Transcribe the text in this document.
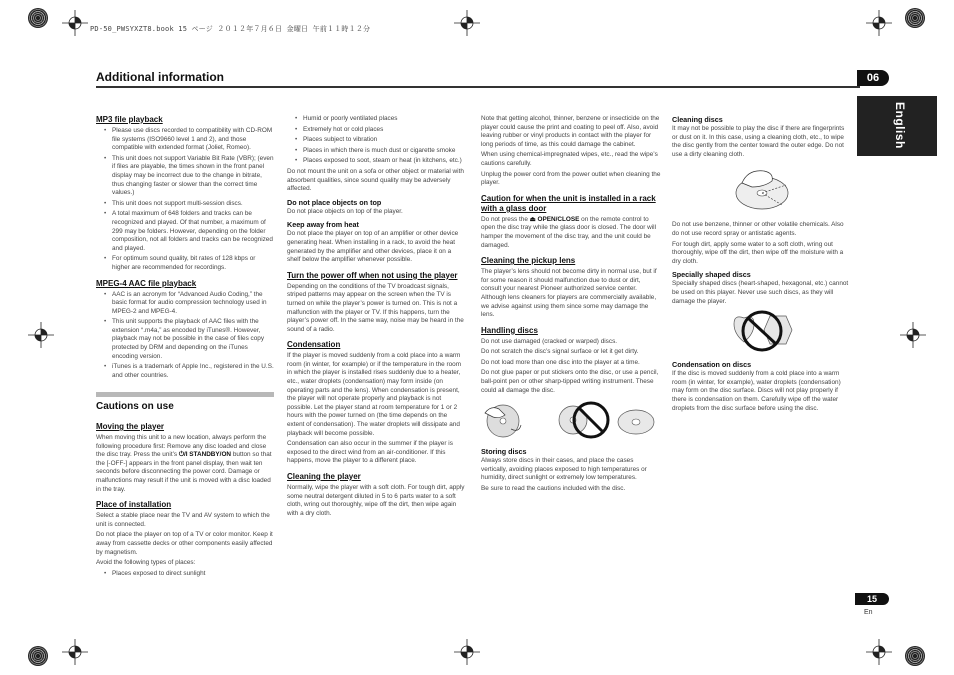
PD-50_PWSYXZT8.book 15 ページ ２０１２年７月６日 金曜日 午前１１時１２分
Additional information	06
English
MP3 file playback
• Please use discs recorded to compatibility with CD-ROM file systems (ISO9660 level 1 and 2), and those compatible with extended format (Joliet, Romeo).
• This unit does not support Variable Bit Rate (VBR); (even if files are playable, the times shown in the front panel display may be incorrect due to the change in bitrate, thus changing faster or slower than the correct time values.)
• This unit does not support multi-session discs.
• A total maximum of 648 folders and tracks can be recognized and played. Of that number, a maximum of 299 may be folders. However, depending on the folder composition, not all folders and tracks can be recognized and played.
• For optimum sound quality, bit rates of 128 kbps or higher are recommended for recordings.
MPEG-4 AAC file playback
• AAC is an acronym for “Advanced Audio Coding,” the basic format for audio compression technology used in MPEG-2 and MPEG-4.
• This unit supports the playback of AAC files with the extension “.m4a,” as encoded by iTunes®. However, playback may not be possible in the case of files copy protected by DRM and depending on the iTunes encoding version.
• iTunes is a trademark of Apple Inc., registered in the U.S. and other countries.
Cautions on use
Moving the player

When moving this unit to a new location, always perform the following procedure first: Remove any disc loaded and close the disc tray. Press the unit’s ⏻/I STANDBY/ON button so that the [-OFF-] appears in the front panel display, then wait ten seconds before disconnecting the power cord. Damage or malfunctions may result if the unit is moved with a disc loaded in the tray.

Place of installation

Select a stable place near the TV and AV system to which the unit is connected.

Do not place the player on top of a TV or color monitor. Keep it away from cassette decks or other components easily affected by magnetism.

Avoid the following types of places:

• Places exposed to direct sunlight
• Humid or poorly ventilated places
• Extremely hot or cold places
• Places subject to vibration
• Places in which there is much dust or cigarette smoke
• Places exposed to soot, steam or heat (in kitchens, etc.)

Do not mount the unit on a sofa or other object or material with absorbent qualities, since sound quality may be adversely affected.

Do not place objects on top

Do not place objects on top of the player.

Keep away from heat

Do not place the player on top of an amplifier or other device generating heat. When installing in a rack, to avoid the heat generated by the amplifier and other devices, place it on a shelf below the amplifier whenever possible.

Turn the power off when not using the player

Depending on the conditions of the TV broadcast signals, striped patterns may appear on the screen when the TV is turned on while the player’s power is turned on. This is not a malfunction with the player or TV. If this happens, turn the player’s power off. In the same way, noise may be heard in the sound of a radio.

Condensation

If the player is moved suddenly from a cold place into a warm room (in winter, for example) or if the temperature in the room in which the player is installed rises suddenly due to a heater, etc., water droplets (condensation) may form inside (on operating parts and the lens). When condensation is present, the player will not operate properly and playback is not possible. Let the player stand at room temperature for 1 or 2 hours with the power turned on (the time depends on the extent of condensation). The water droplets will dissipate and playback will become possible.

Condensation can also occur in the summer if the player is exposed to the direct wind from an air-conditioner. If this happens, move the player to a different place.

Cleaning the player

Normally, wipe the player with a soft cloth. For tough dirt, apply some neutral detergent diluted in 5 to 6 parts water to a soft cloth, wring out thoroughly, wipe off the dirt, then wipe again with a dry cloth.

Note that getting alcohol, thinner, benzene or insecticide on the player could cause the print and coating to peel off. Also, avoid leaving rubber or vinyl products in contact with the player for long periods of time, as this could damage the cabinet.

When using chemical-impregnated wipes, etc., read the wipe’s cautions carefully.

Unplug the power cord from the power outlet when cleaning the player.

Caution for when the unit is installed in a rack with a glass door

Do not press the ⏏ OPEN/CLOSE on the remote control to open the disc tray while the glass door is closed. The door will hamper the movement of the disc tray, and the unit could be damaged.

Cleaning the pickup lens

The player’s lens should not become dirty in normal use, but if for some reason it should malfunction due to dust or dirt, consult your nearest Pioneer authorized service center. Although lens cleaners for players are commercially available, we advise against using them since some may damage the lens.

Handling discs

Do not use damaged (cracked or warped) discs.

Do not scratch the disc’s signal surface or let it get dirty.

Do not load more than one disc into the player at a time.

Do not glue paper or put stickers onto the disc, or use a pencil, ball-point pen or other sharp-tipped writing instrument. These could all damage the disc.

Storing discs

Always store discs in their cases, and place the cases vertically, avoiding places exposed to high temperatures or humidity, direct sunlight or extremely low temperatures.

Be sure to read the cautions included with the disc.

Cleaning discs

It may not be possible to play the disc if there are fingerprints or dust on it. In this case, using a cleaning cloth, etc., to wipe the disc gently from the center toward the outer edge. Do not use a dirty cleaning cloth.

Do not use benzene, thinner or other volatile chemicals. Also do not use record spray or antistatic agents.

For tough dirt, apply some water to a soft cloth, wring out thoroughly, wipe off the dirt, then wipe off the moisture with a dry cloth.

Specially shaped discs

Specially shaped discs (heart-shaped, hexagonal, etc.) cannot be used on this player. Never use such discs, as they will damage the player.

Condensation on discs

If the disc is moved suddenly from a cold place into a warm room (in winter, for example), water droplets (condensation) may form on the disc surface. Discs will not play properly if there is condensation on them. Carefully wipe off the water droplets from the disc surface before using the disc.

15
En
